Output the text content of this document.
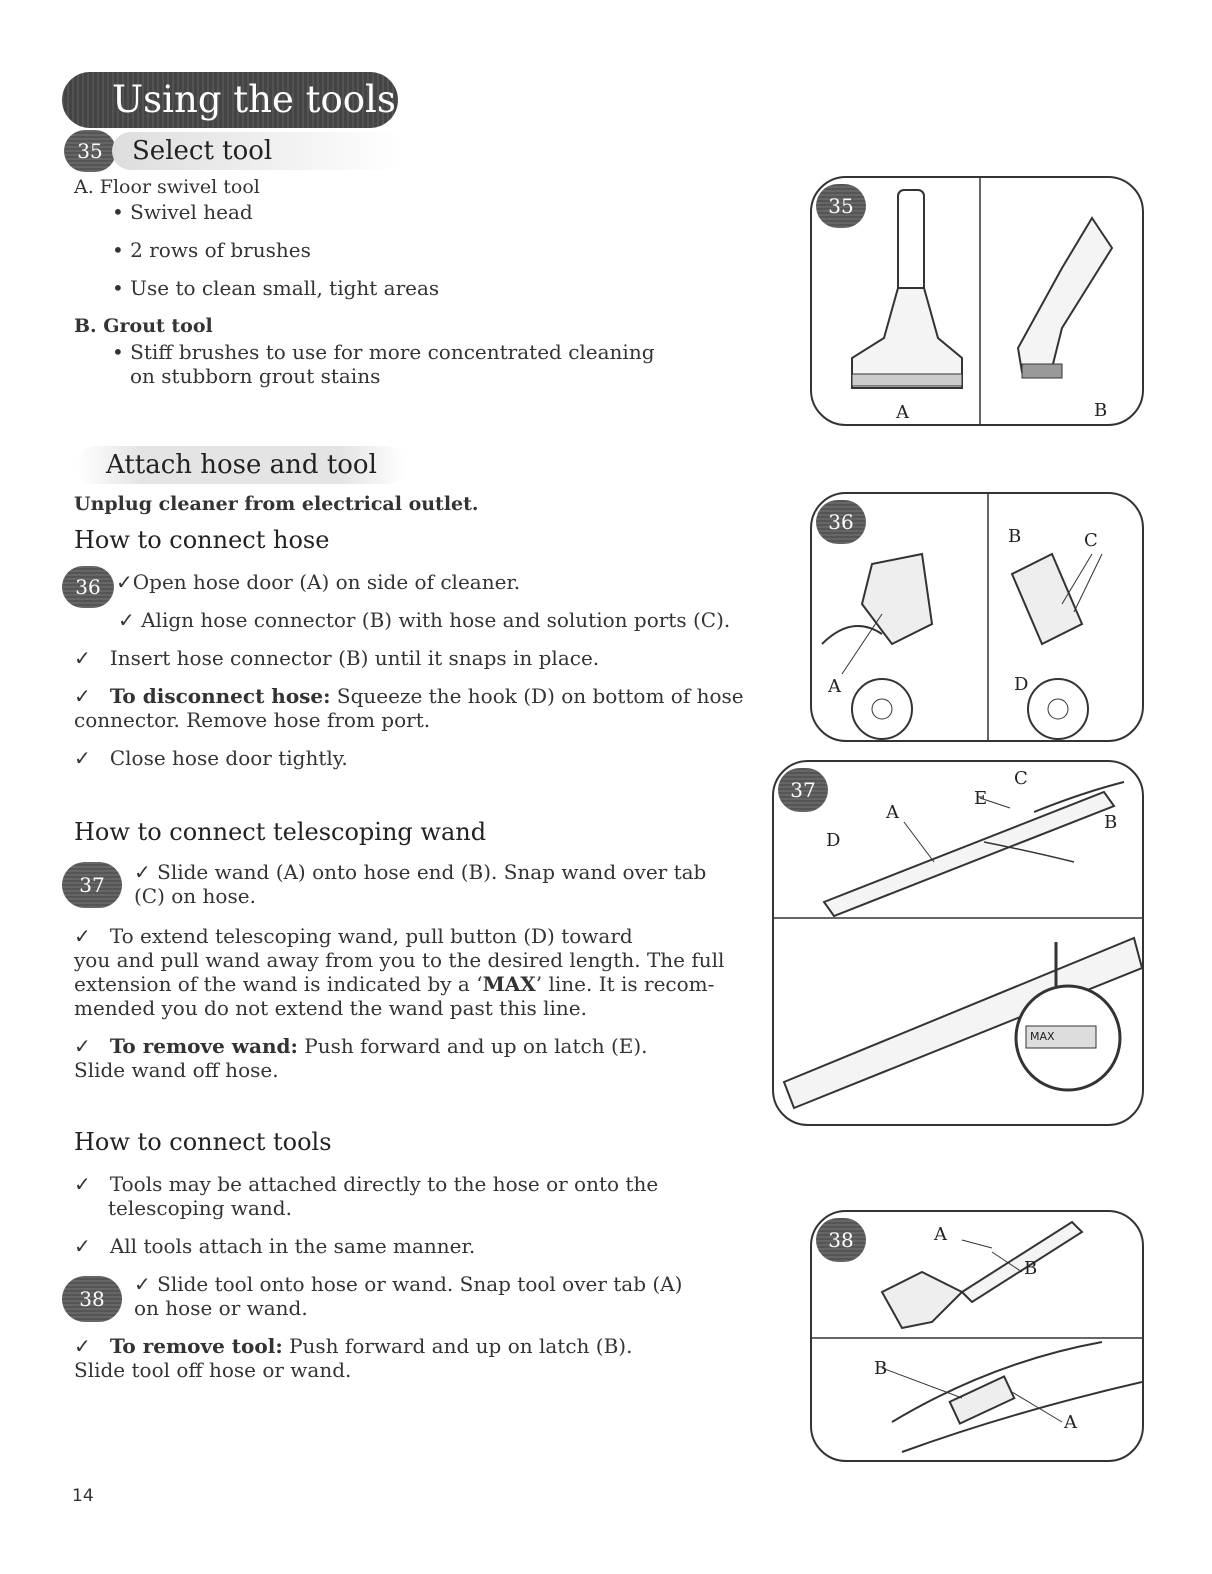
Using the tools
35	Select tool
A. Floor swivel tool
• Swivel head
• 2 rows of brushes
• Use to clean small, tight areas
B. Grout tool
• Stiff brushes to use for more concentrated cleaning
on stubborn grout stains
Attach hose and tool
Unplug cleaner from electrical outlet.
How to connect hose
36 ✓Open hose door (A) on side of cleaner.
✓ Align hose connector (B) with hose and solution ports (C).
✓ Insert hose connector (B) until it snaps in place.
✓ To disconnect hose: Squeeze the hook (D) on bottom of hose
connector. Remove hose from port.
✓ Close hose door tightly.
How to connect telescoping wand
37
✓ Slide wand (A) onto hose end (B). Snap wand over tab
(C) on hose.
✓ To extend telescoping wand, pull button (D) toward
you and pull wand away from you to the desired length. The full
extension of the wand is indicated by a ‘MAX’ line. It is recom-
mended you do not extend the wand past this line.
✓ To remove wand: Push forward and up on latch (E).
Slide wand off hose.
How to connect tools
✓ Tools may be attached directly to the hose or onto the
telescoping wand.
✓ All tools attach in the same manner.
38
✓ Slide tool onto hose or wand. Snap tool over tab (A)
on hose or wand.
✓ To remove tool: Push forward and up on latch (B).
Slide tool off hose or wand.
35
A	B
36
A
B	C
D
37
A	B
C
D
E
MAX
38	A
B
B
A
14
